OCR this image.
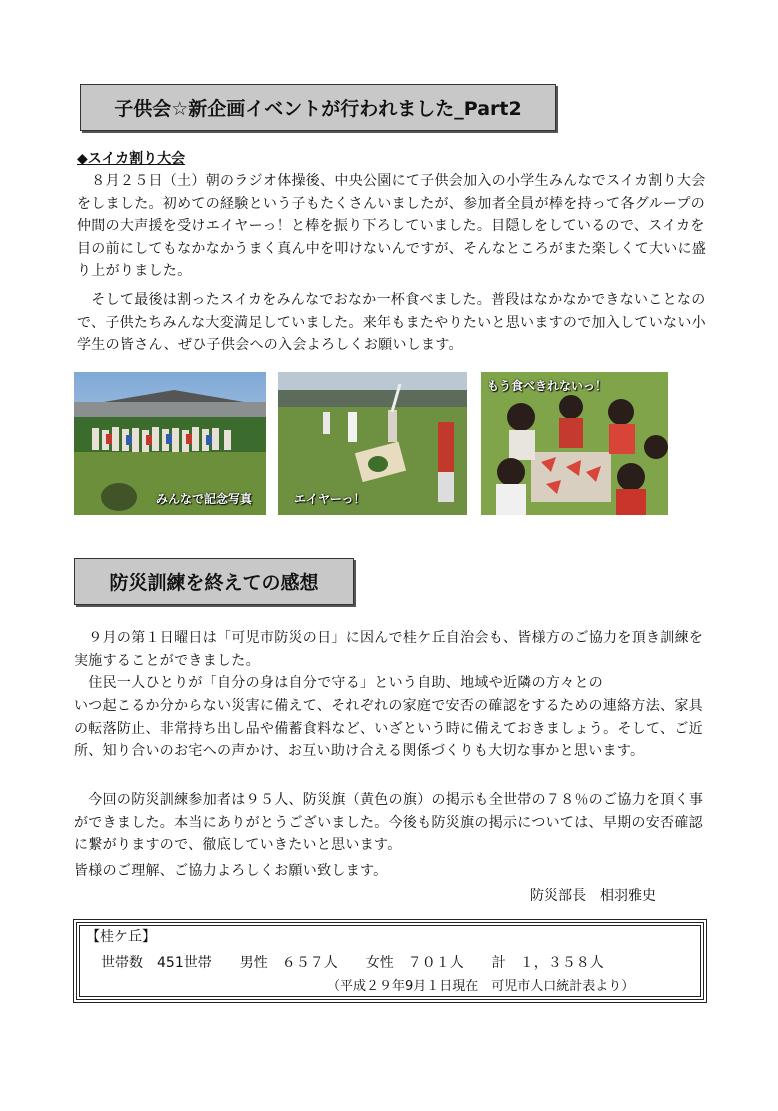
子供会☆新企画イベントが行われました_Part2
◆スイカ割り大会
　８月２５日（土）朝のラジオ体操後、中央公園にて子供会加入の小学生みんなでスイカ割り大会をしました。初めての経験という子もたくさんいましたが、参加者全員が棒を持って各グループの仲間の大声援を受けエイヤーっ！と棒を振り下ろしていました。目隠しをしているので、スイカを目の前にしてもなかなかうまく真ん中を叩けないんですが、そんなところがまた楽しくて大いに盛り上がりました。
　そして最後は割ったスイカをみんなでおなか一杯食べました。普段はなかなかできないことなので、子供たちみんな大変満足していました。来年もまたやりたいと思いますので加入していない小学生の皆さん、ぜひ子供会への入会よろしくお願いします。
みんなで記念写真	エイヤーっ！
もう食べきれないっ！
防災訓練を終えての感想

　９月の第１日曜日は「可児市防災の日」に因んで桂ケ丘自治会も、皆様方のご協力を頂き訓練を実施することができました。

　住民一人ひとりが「自分の身は自分で守る」という自助、地域や近隣の方々との

いつ起こるか分からない災害に備えて、それぞれの家庭で安否の確認をするための連絡方法、家具の転落防止、非常持ち出し品や備蓄食料など、いざという時に備えておきましょう。そして、ご近所、知り合いのお宅への声かけ、お互い助け合える関係づくりも大切な事かと思います。

　今回の防災訓練参加者は９５人、防災旗（黄色の旗）の掲示も全世帯の７８％のご協力を頂く事ができました。本当にありがとうございました。今後も防災旗の掲示については、早期の安否確認に繋がりますので、徹底していきたいと思います。

皆様のご理解、ご協力よろしくお願い致します。

防災部長　相羽雅史
【桂ケ丘】
世帯数　451世帯　　男性　６５７人　　女性　７０１人　　計　１，３５８人
（平成２９年9月１日現在　可児市人口統計表より）
